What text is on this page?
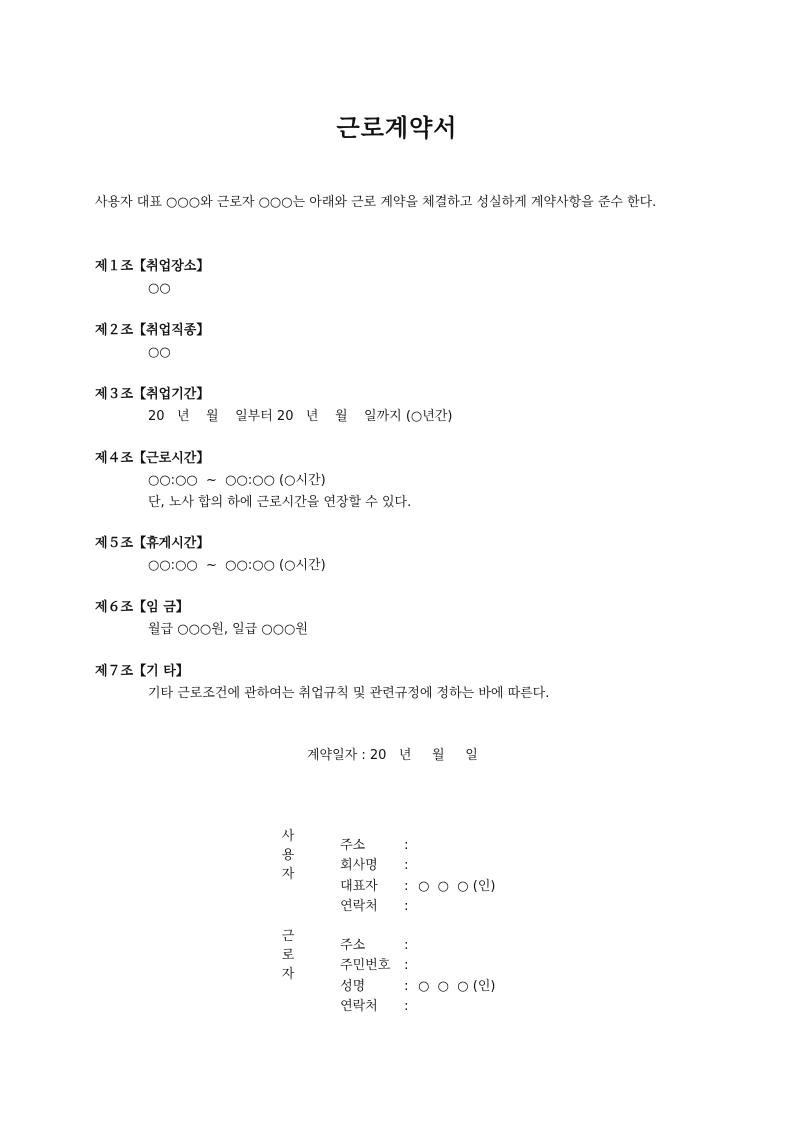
근로계약서

사용자 대표 ○○○와 근로자 ○○○는 아래와 근로 계약을 체결하고 성실하게 계약사항을 준수 한다.

제１조【취업장소】
○○
제２조【취업직종】
○○
제３조【취업기간】
20   년    월    일부터 20   년    월    일까지 (○년간)
제４조【근로시간】
○○:○○  ~  ○○:○○ (○시간)
단, 노사 합의 하에 근로시간을 연장할 수 있다.
제５조【휴게시간】
○○:○○  ~  ○○:○○ (○시간)
제６조【임 금】
월급 ○○○원, 일급 ○○○원
제７조【기 타】
기타 근로조건에 관하여는 취업규칙 및 관련규정에 정하는 바에 따른다.
계약일자 : 20   년     월     일
사
용
자

주소	:

회사명 :

대표자 : ○  ○  ○ (인)

연락처 :

근
로
자

주소	:

주민번호 :

성명	: ○  ○  ○ (인)

연락처 :
